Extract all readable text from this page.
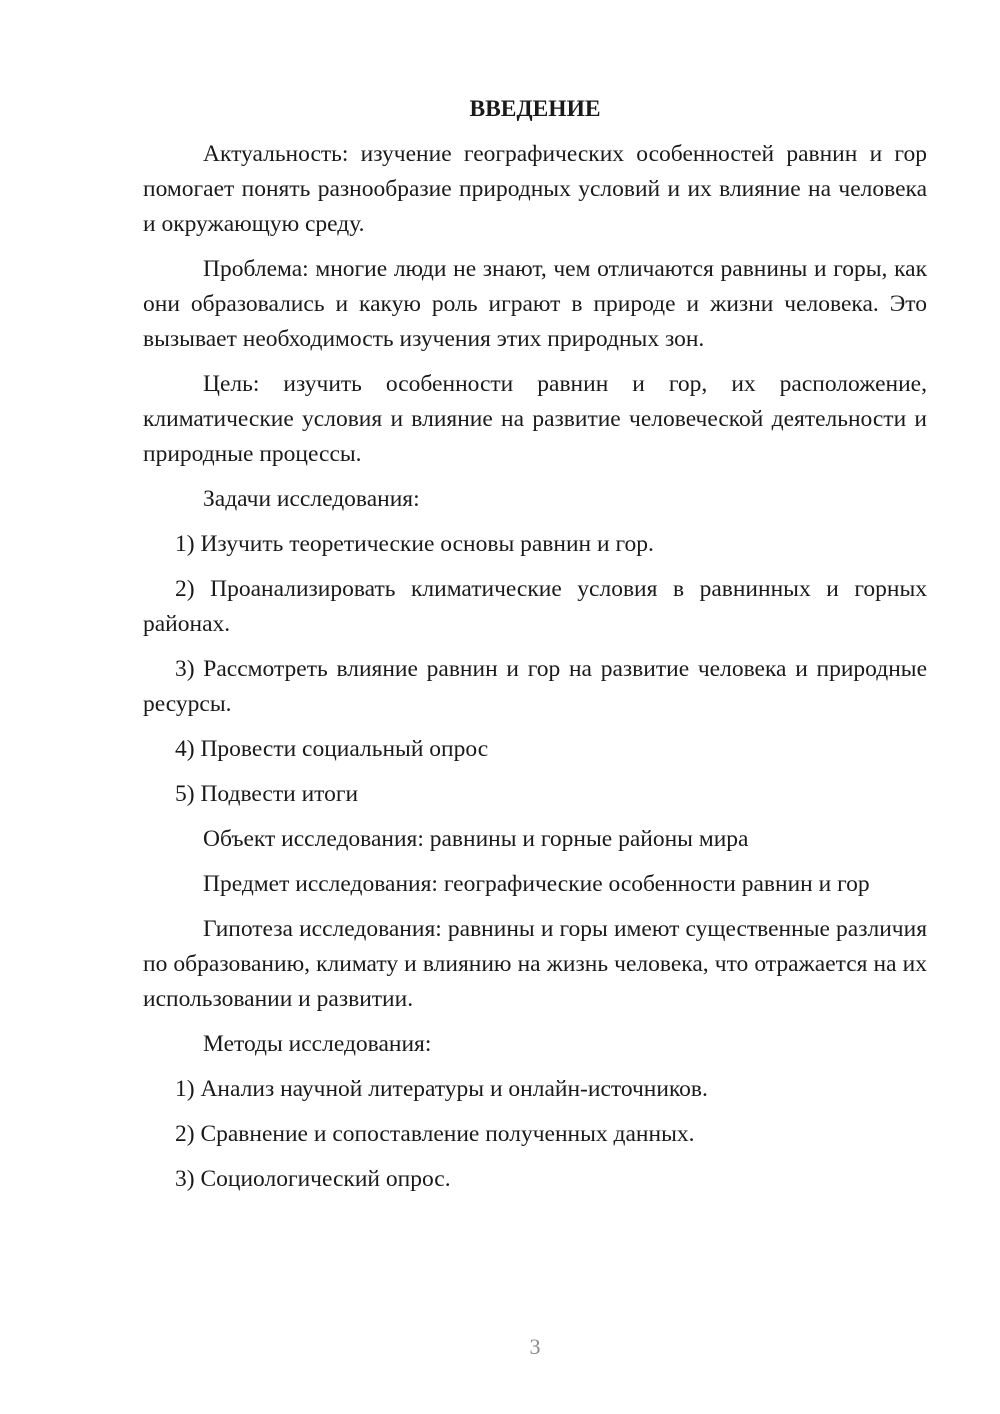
ВВЕДЕНИЕ

Актуальность: изучение географических особенностей равнин и гор помогает понять разнообразие природных условий и их влияние на человека и окружающую среду.

Проблема: многие люди не знают, чем отличаются равнины и горы, как они образовались и какую роль играют в природе и жизни человека. Это вызывает необходимость изучения этих природных зон.

Цель: изучить особенности равнин и гор, их расположение, климатические условия и влияние на развитие человеческой деятельности и природные процессы.

Задачи исследования:

1) Изучить теоретические основы равнин и гор.

2) Проанализировать климатические условия в равнинных и горных районах.

3) Рассмотреть влияние равнин и гор на развитие человека и природные ресурсы.

4) Провести социальный опрос

5) Подвести итоги

Объект исследования: равнины и горные районы мира

Предмет исследования: географические особенности равнин и гор

Гипотеза исследования: равнины и горы имеют существенные различия по образованию, климату и влиянию на жизнь человека, что отражается на их использовании и развитии.

Методы исследования:

1) Анализ научной литературы и онлайн-источников.

2) Сравнение и сопоставление полученных данных.

3) Социологический опрос.

3
